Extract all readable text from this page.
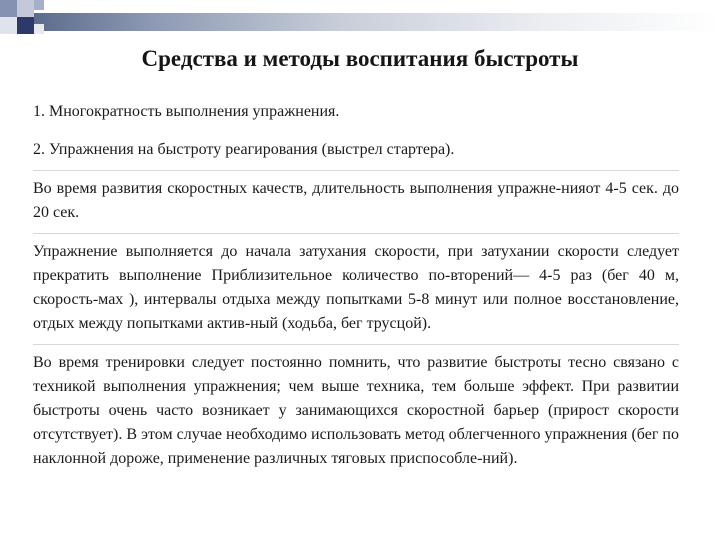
Средства и методы воспитания быстроты

1. Многократность выполнения упражнения.

2. Упражнения на быстроту реагирования (выстрел стартера).

Во время развития скоростных качеств, длительность выполнения упражне-нияот 4-5 сек. до 20 сек.

Упражнение выполняется до начала затухания скорости, при затухании скорости следует прекратить выполнение Приблизительное количество по-вторений— 4-5 раз (бег 40 м, скорость-мах ), интервалы отдыха между попытками 5-8 минут или полное восстановление, отдых между попытками актив-ный (ходьба, бег трусцой).

Во время тренировки следует постоянно помнить, что развитие быстроты тесно связано с техникой выполнения упражнения; чем выше техника, тем больше эффект. При развитии быстроты очень часто возникает у занимающихся скоростной барьер (прирост скорости отсутствует). В этом случае необходимо использовать метод облегченного упражнения (бег по наклонной дороже, применение различных тяговых приспособле-ний).
